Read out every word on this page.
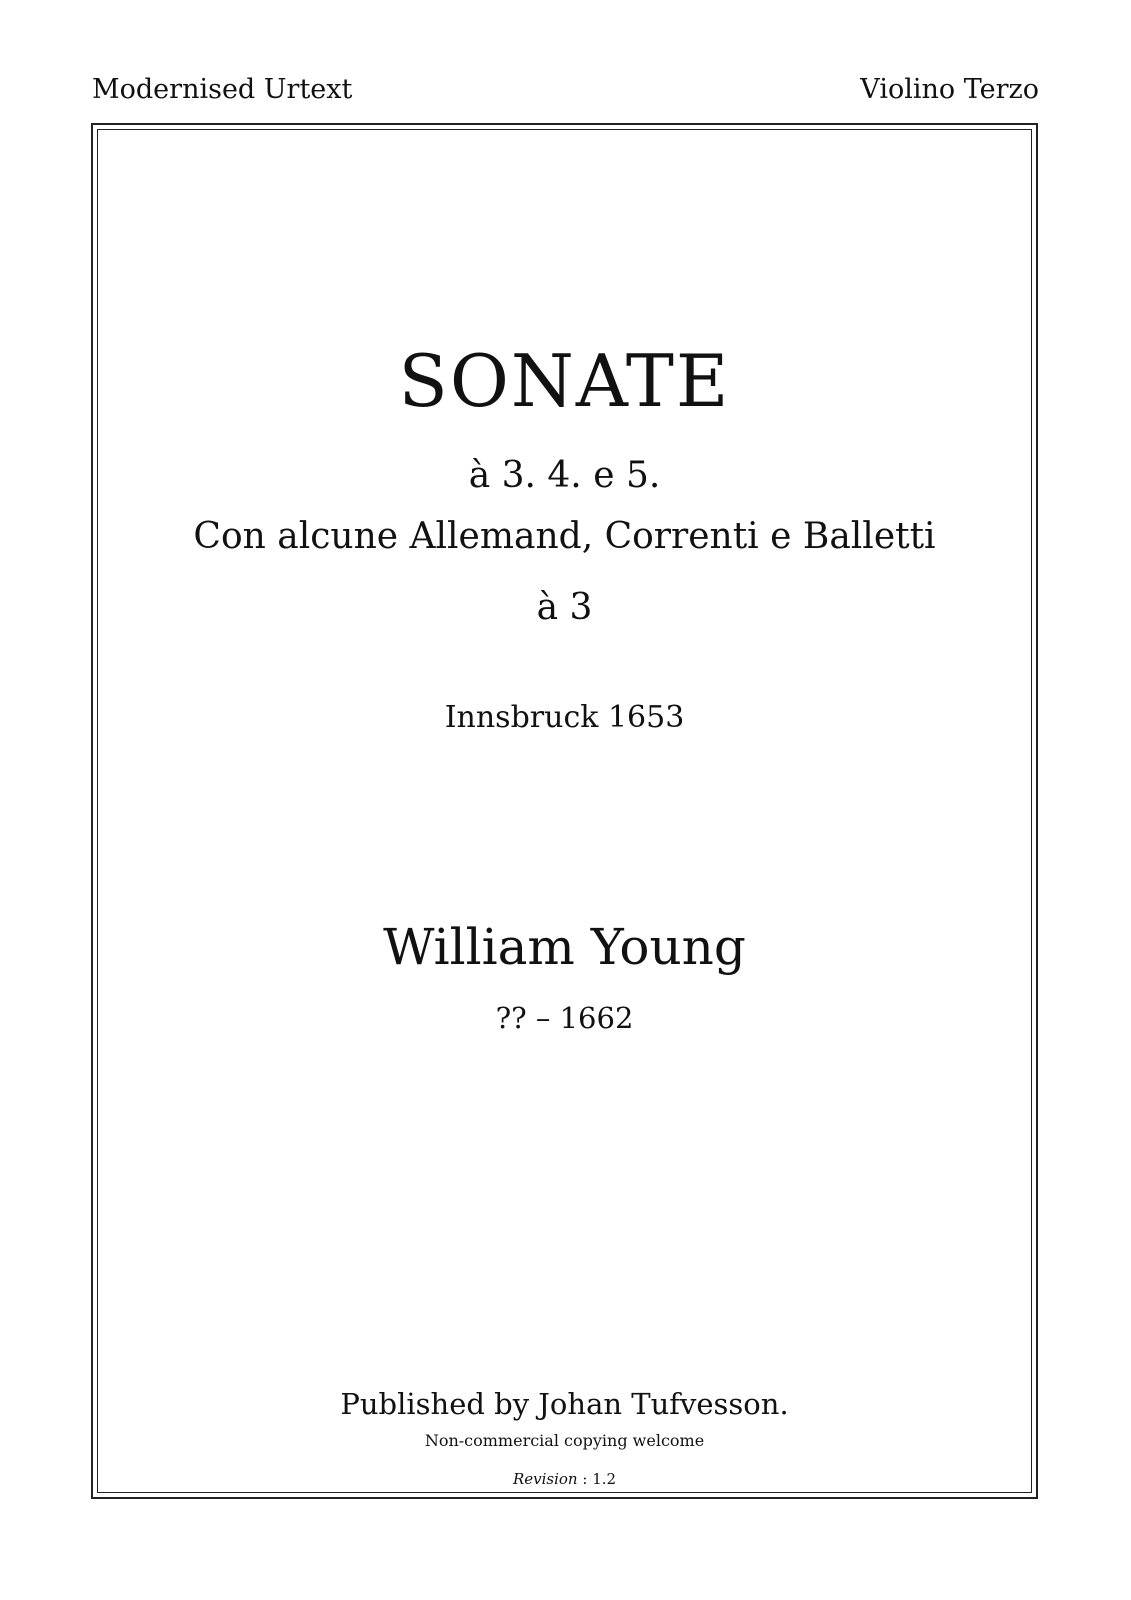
Modernised Urtext	Violino Terzo
SONATE
à 3. 4. e 5.
Con alcune Allemand, Correnti e Balletti
à 3
Innsbruck 1653
William Young
?? – 1662
Published by Johan Tufvesson.
Non-commercial copying welcome
Revision : 1.2
